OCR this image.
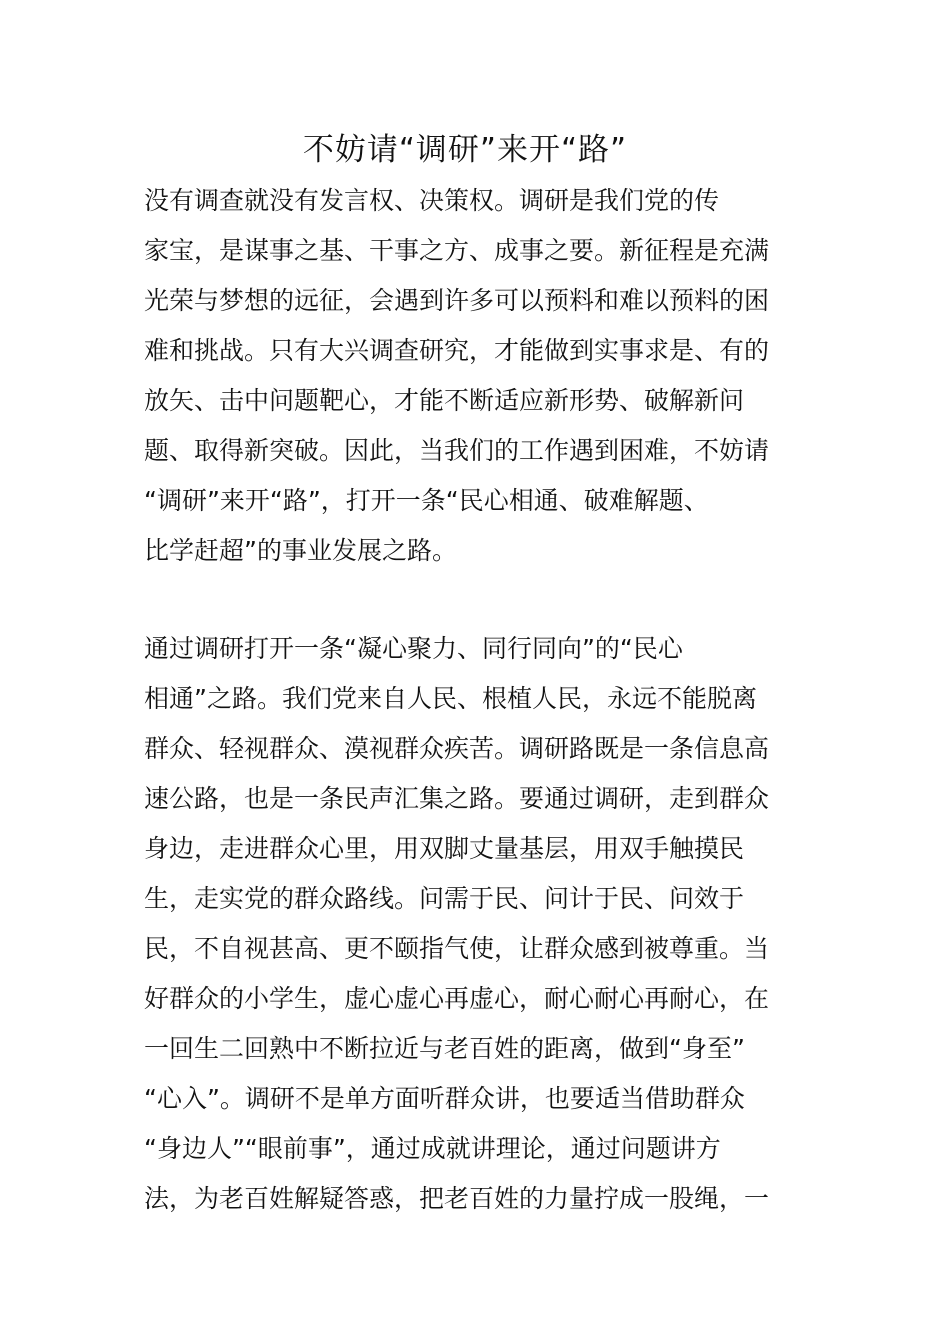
不妨请“调研”来开“路”
没有调查就没有发言权、决策权。调研是我们党的传
家宝，是谋事之基、干事之方、成事之要。新征程是充满
光荣与梦想的远征，会遇到许多可以预料和难以预料的困
难和挑战。只有大兴调查研究，才能做到实事求是、有的
放矢、击中问题靶心，才能不断适应新形势、破解新问
题、取得新突破。因此，当我们的工作遇到困难，不妨请
“调研”来开“路”，打开一条“民心相通、破难解题、
比学赶超”的事业发展之路。
通过调研打开一条“凝心聚力、同行同向”的“民心
相通”之路。我们党来自人民、根植人民，永远不能脱离
群众、轻视群众、漠视群众疾苦。调研路既是一条信息高
速公路，也是一条民声汇集之路。要通过调研，走到群众
身边，走进群众心里，用双脚丈量基层，用双手触摸民
生，走实党的群众路线。问需于民、问计于民、问效于
民，不自视甚高、更不颐指气使，让群众感到被尊重。当
好群众的小学生，虚心虚心再虚心，耐心耐心再耐心，在
一回生二回熟中不断拉近与老百姓的距离，做到“身至”
“心入”。调研不是单方面听群众讲，也要适当借助群众
“身边人”“眼前事”，通过成就讲理论，通过问题讲方
法，为老百姓解疑答惑，把老百姓的力量拧成一股绳，一
